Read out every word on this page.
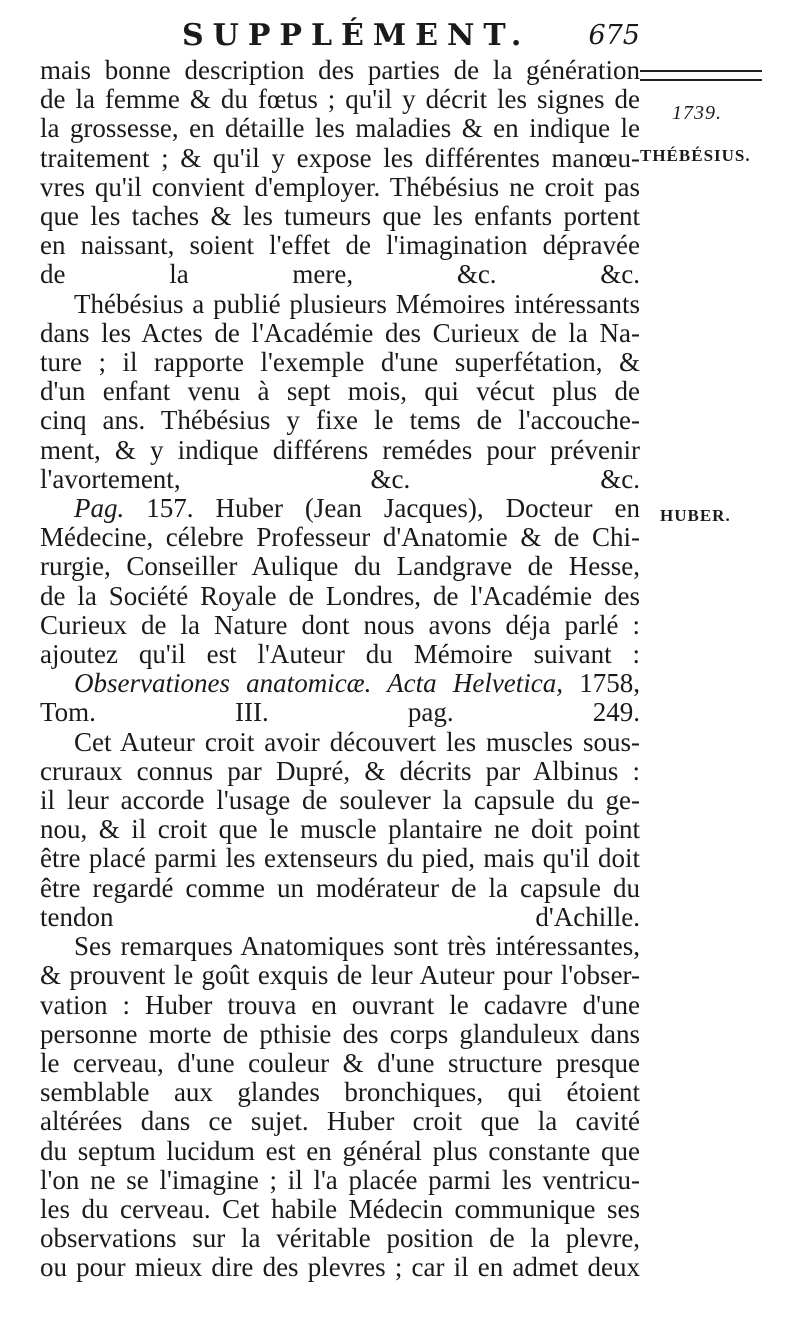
SUPPLÉMENT. 675
1739.
THÉBÉSIUS.
HUBER.
mais bonne description des parties de la génération
de la femme & du fœtus ; qu'il y décrit les signes de
la grossesse, en détaille les maladies & en indique le
traitement ; & qu'il y expose les différentes manœu-
vres qu'il convient d'employer. Thébésius ne croit pas
que les taches & les tumeurs que les enfants portent
en naissant, soient l'effet de l'imagination dépravée
de la mere, &c. &c.
Thébésius a publié plusieurs Mémoires intéressants
dans les Actes de l'Académie des Curieux de la Na-
ture ; il rapporte l'exemple d'une superfétation, &
d'un enfant venu à sept mois, qui vécut plus de
cinq ans. Thébésius y fixe le tems de l'accouche-
ment, & y indique différens remédes pour prévenir
l'avortement, &c. &c.
Pag. 157. Huber (Jean Jacques), Docteur en
Médecine, célebre Professeur d'Anatomie & de Chi-
rurgie, Conseiller Aulique du Landgrave de Hesse,
de la Société Royale de Londres, de l'Académie des
Curieux de la Nature dont nous avons déja parlé :
ajoutez qu'il est l'Auteur du Mémoire suivant :
Observationes anatomicæ. Acta Helvetica, 1758,
Tom. III. pag. 249.
Cet Auteur croit avoir découvert les muscles sous-
cruraux connus par Dupré, & décrits par Albinus :
il leur accorde l'usage de soulever la capsule du ge-
nou, & il croit que le muscle plantaire ne doit point
être placé parmi les extenseurs du pied, mais qu'il doit
être regardé comme un modérateur de la capsule du
tendon d'Achille.
Ses remarques Anatomiques sont très intéressantes,
& prouvent le goût exquis de leur Auteur pour l'obser-
vation : Huber trouva en ouvrant le cadavre d'une
personne morte de pthisie des corps glanduleux dans
le cerveau, d'une couleur & d'une structure presque
semblable aux glandes bronchiques, qui étoient
altérées dans ce sujet. Huber croit que la cavité
du septum lucidum est en général plus constante que
l'on ne se l'imagine ; il l'a placée parmi les ventricu-
les du cerveau. Cet habile Médecin communique ses
observations sur la véritable position de la plevre,
ou pour mieux dire des plevres ; car il en admet deux
